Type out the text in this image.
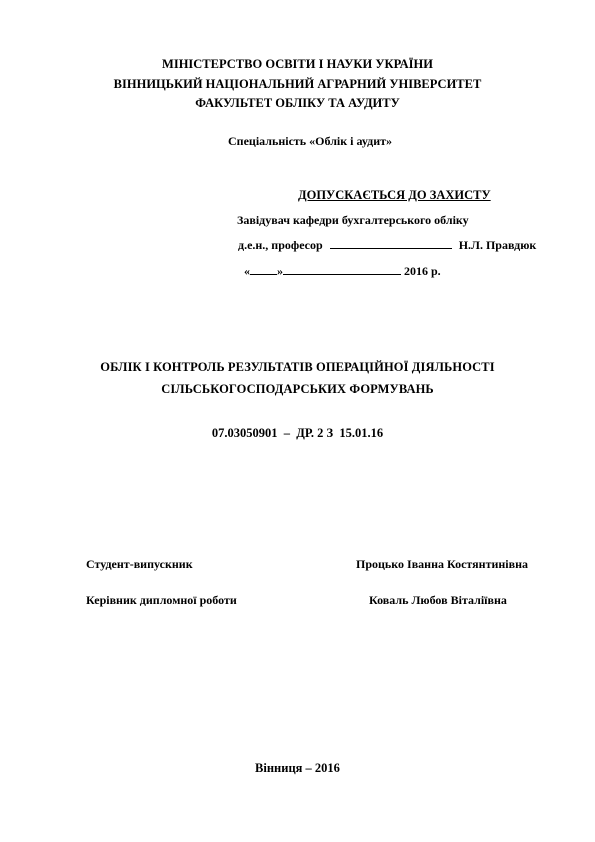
МІНІСТЕРСТВО ОСВІТИ І НАУКИ УКРАЇНИ
ВІННИЦЬКИЙ НАЦІОНАЛЬНИЙ АГРАРНИЙ УНІВЕРСИТЕТ
ФАКУЛЬТЕТ ОБЛІКУ ТА АУДИТУ
Спеціальність «Облік і аудит»
ДОПУСКАЄТЬСЯ ДО ЗАХИСТУ
Завідувач кафедри бухгалтерського обліку
д.е.н., професор	Н.Л. Правдюк
« »	2016 р.
ОБЛІК І КОНТРОЛЬ РЕЗУЛЬТАТІВ ОПЕРАЦІЙНОЇ ДІЯЛЬНОСТІ
СІЛЬСЬКОГОСПОДАРСЬКИХ ФОРМУВАНЬ
07.03050901  –  ДР. 2 З  15.01.16
Студент-випускник	Процько Іванна Костянтинівна
Керівник дипломної роботи	Коваль Любов Віталіївна
Вінниця – 2016
